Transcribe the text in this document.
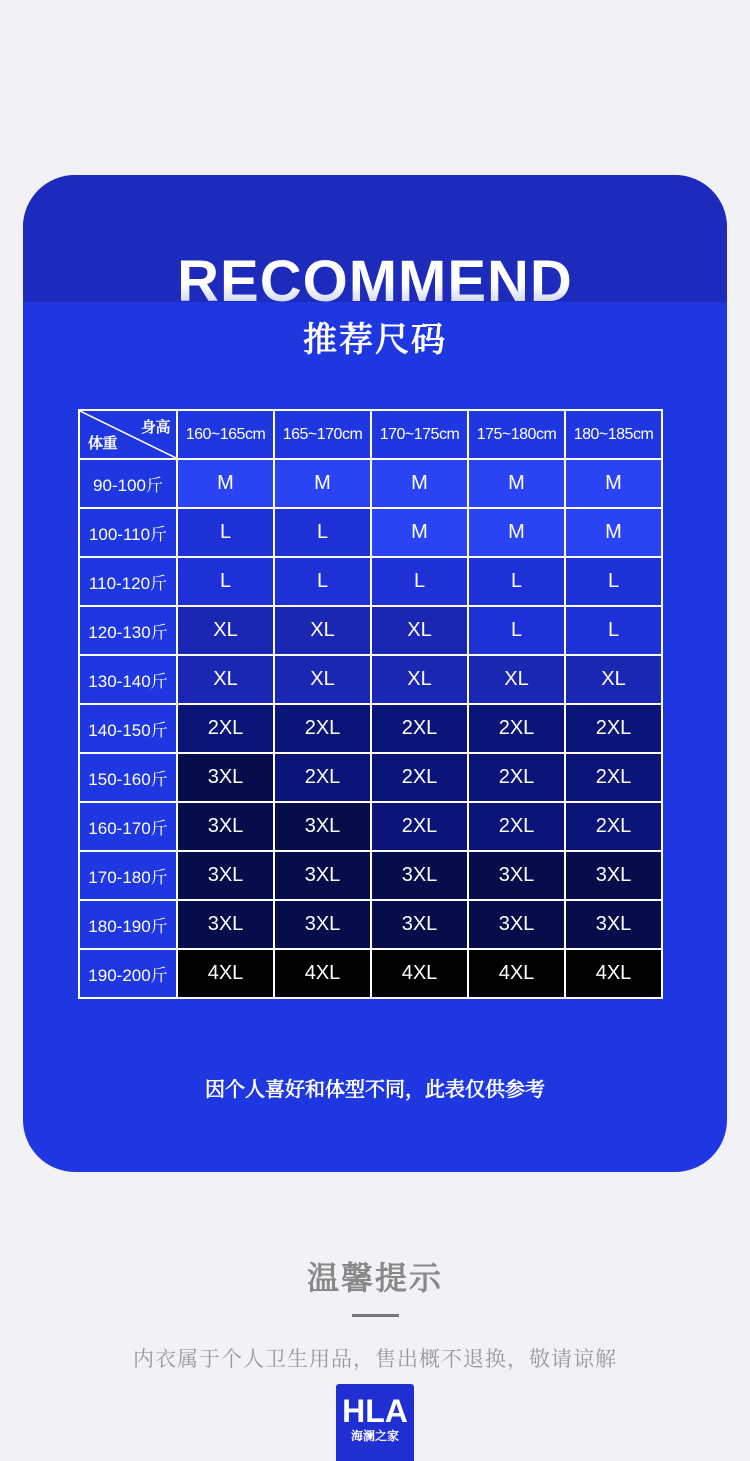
RECOMMEND
推荐尺码
身高
体重	160~165cm	165~170cm	170~175cm	175~180cm	180~185cm
90-100斤	M	M	M	M	M
100-110斤	L	L	M	M	M
110-120斤	L	L	L	L	L
120-130斤	XL	XL	XL	L	L
130-140斤	XL	XL	XL	XL	XL
140-150斤	2XL	2XL	2XL	2XL	2XL
150-160斤	3XL	2XL	2XL	2XL	2XL
160-170斤	3XL	3XL	2XL	2XL	2XL
170-180斤	3XL	3XL	3XL	3XL	3XL
180-190斤	3XL	3XL	3XL	3XL	3XL
190-200斤	4XL	4XL	4XL	4XL	4XL
因个人喜好和体型不同，此表仅供参考
温馨提示
内衣属于个人卫生用品，售出概不退换，敬请谅解
HLA
海澜之家
